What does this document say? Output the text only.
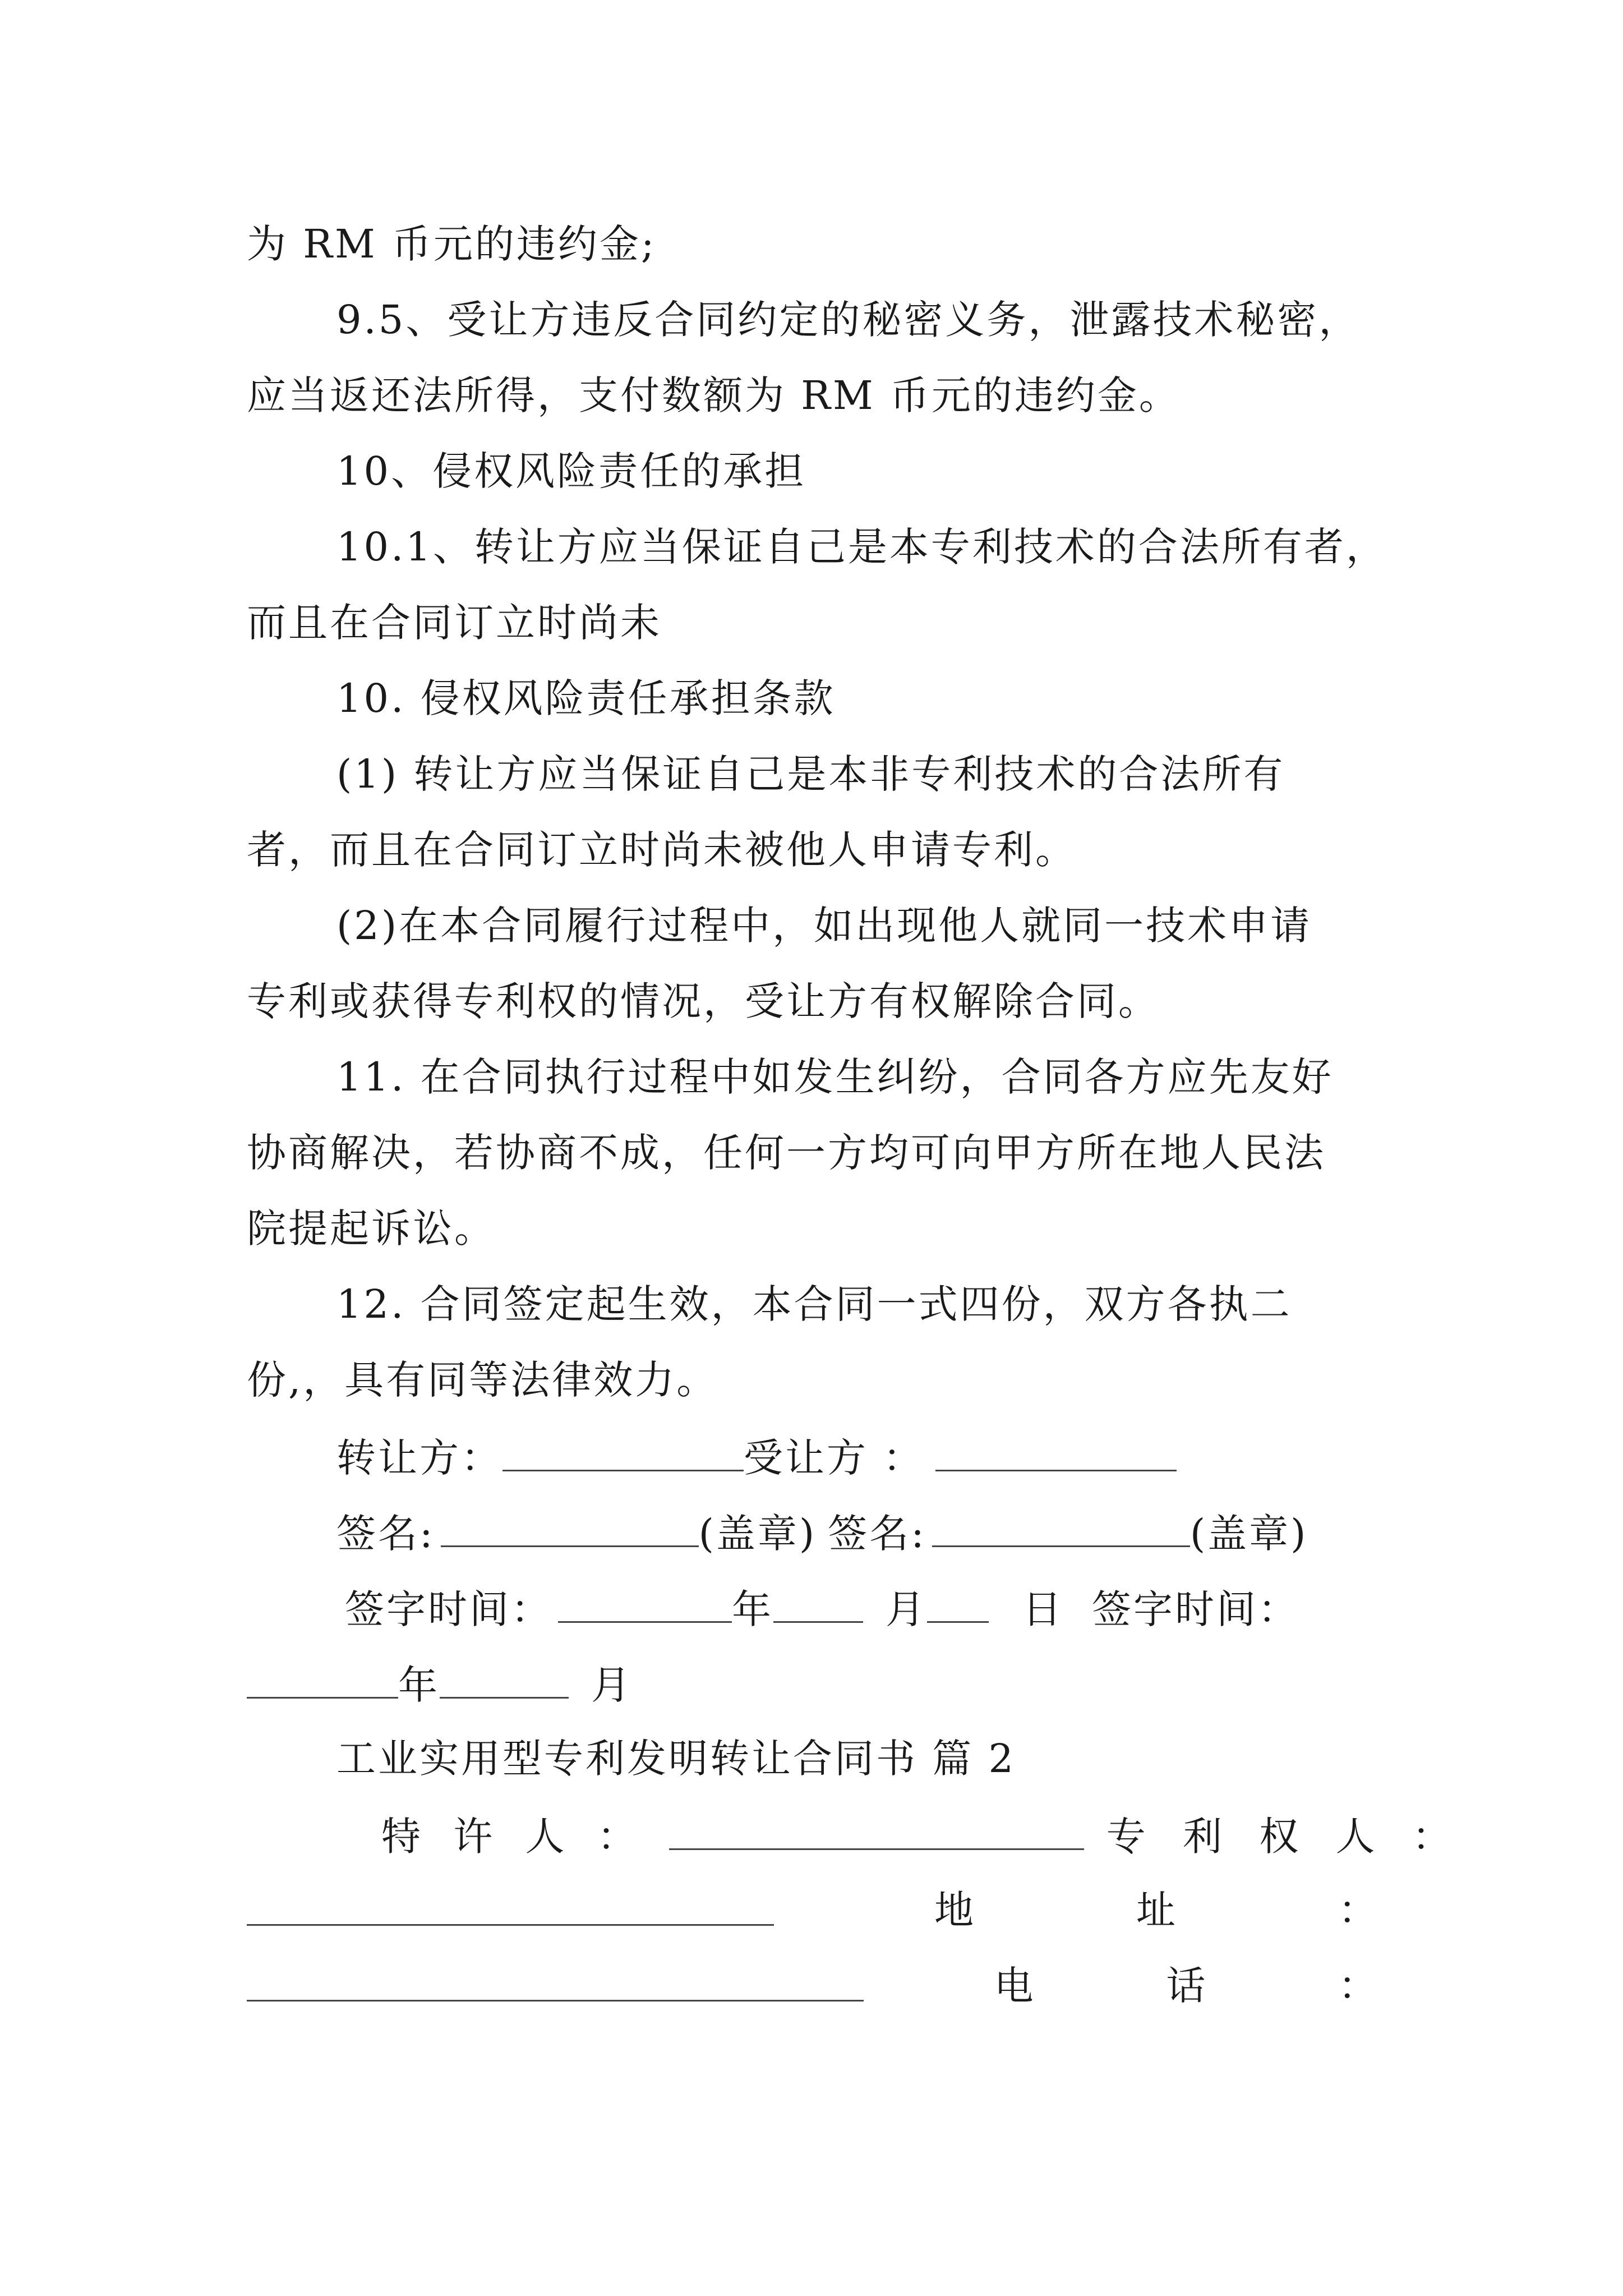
为 RM 币元的违约金;
9.5、受让方违反合同约定的秘密义务，泄露技术秘密，
应当返还法所得，支付数额为 RM 币元的违约金。
10、侵权风险责任的承担
10.1、转让方应当保证自己是本专利技术的合法所有者，
而且在合同订立时尚未
10. 侵权风险责任承担条款
(1) 转让方应当保证自己是本非专利技术的合法所有
者，而且在合同订立时尚未被他人申请专利。
(2)在本合同履行过程中，如出现他人就同一技术申请
专利或获得专利权的情况，受让方有权解除合同。
11. 在合同执行过程中如发生纠纷，合同各方应先友好
协商解决，若协商不成，任何一方均可向甲方所在地人民法
院提起诉讼。
12. 合同签定起生效，本合同一式四份，双方各执二
份,，具有同等法律效力。
转让方：	受让方 ：
签名:	(盖章) 签名:	(盖章)
签字时间：	年	月 日 签字时间：
年	月
工业实用型专利发明转让合同书 篇 2
特 许 人 ：	专 利 权 人 ：
地	址	：
电	话	：
